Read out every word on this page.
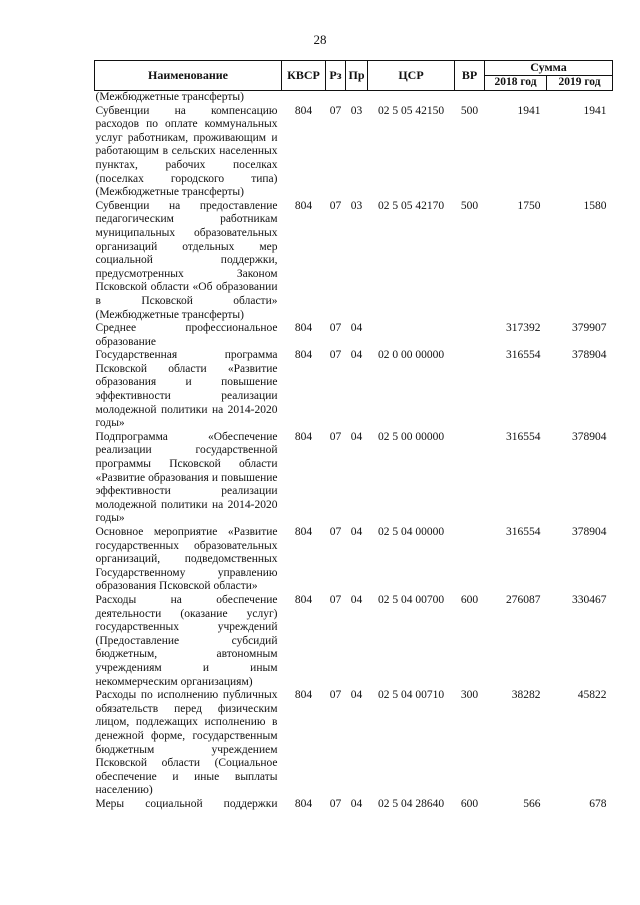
28
Наименование	КВСР	Рз	Пр	ЦСР	ВР	Сумма	
						2018 год	2019 год
(Межбюджетные трансферты)							
Субвенции на компенсацию расходов по оплате коммунальных услуг работникам, проживающим и работающим в сельских населенных пунктах, рабочих поселках (поселках городского типа) (Межбюджетные трансферты)	804	07	03	02 5 05 42150	500	1941	1941
Субвенции на предоставление педагогическим работникам муниципальных образовательных организаций отдельных мер социальной поддержки, предусмотренных Законом Псковской области «Об образовании в Псковской области» (Межбюджетные трансферты)	804	07	03	02 5 05 42170	500	1750	1580
Среднее профессиональное образование	804	07	04			317392	379907
Государственная программа Псковской области «Развитие образования и повышение эффективности реализации молодежной политики на 2014-2020 годы»	804	07	04	02 0 00 00000		316554	378904
Подпрограмма «Обеспечение реализации государственной программы Псковской области «Развитие образования и повышение эффективности реализации молодежной политики на 2014-2020 годы»	804	07	04	02 5 00 00000		316554	378904
Основное мероприятие «Развитие государственных образовательных организаций, подведомственных Государственному управлению образования Псковской области»	804	07	04	02 5 04 00000		316554	378904
Расходы на обеспечение деятельности (оказание услуг) государственных учреждений (Предоставление субсидий бюджетным, автономным учреждениям и иным некоммерческим организациям)	804	07	04	02 5 04 00700	600	276087	330467
Расходы по исполнению публичных обязательств перед физическим лицом, подлежащих исполнению в денежной форме, государственным бюджетным учреждением Псковской области (Социальное обеспечение и иные выплаты населению)	804	07	04	02 5 04 00710	300	38282	45822
Меры социальной поддержки	804	07	04	02 5 04 28640	600	566	678
